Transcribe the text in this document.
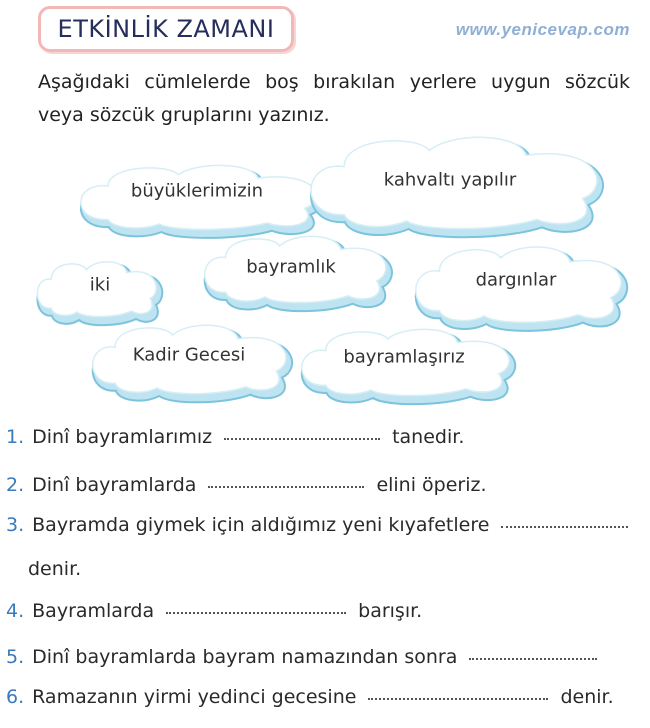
ETKİNLİK ZAMANI	www.yenicevap.com
Aşağıdaki cümlelerde boş bırakılan yerlere uygun sözcük veya sözcük gruplarını yazınız.
büyüklerimizin
kahvaltı yapılır
iki
bayramlık
dargınlar
Kadir Gecesi	bayramlaşırız
1. Dinî bayramlarımız	tanedir.
2. Dinî bayramlarda	elini öperiz.
3. Bayramda giymek için aldığımız yeni kıyafetlere
denir.
4. Bayramlarda	barışır.
5. Dinî bayramlarda bayram namazından sonra
6. Ramazanın yirmi yedinci gecesine	denir.
